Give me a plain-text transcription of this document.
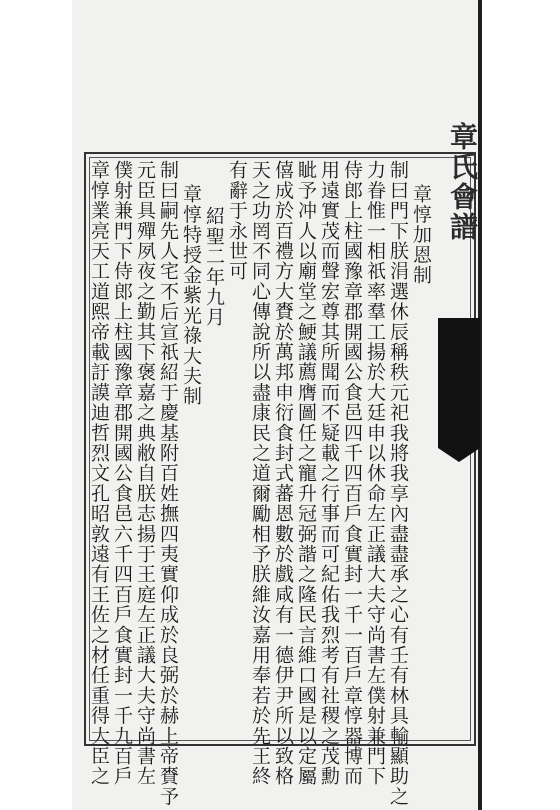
章氏會譜
章惇加恩制
制曰門下朕涓選休辰稱秩元祀我將我享內盡盡承之心有壬有林具輸顯助之
力眷惟一相祇率羣工揚於大廷申以休命左正議大夫守尚書左僕射兼門下
侍郎上柱國豫章郡開國公食邑四千四百戶食實封一千一百戶章惇器博而
用遠實茂而聲宏尊其所聞而不疑載之行事而可紀佑我烈考有社稷之茂勳
眦予冲人以廟堂之鯁議薦膺圖任之寵升冠弼諧之隆民言維口國是以定屬
僖成於百禮方大賚於萬邦申衍食封式蕃恩數於戲咸有一德伊尹所以致格
天之功罔不同心傳說所以盡康民之道爾勵相予朕維汝嘉用奉若於先王終
有辭于永世可
紹聖二年九月
章惇特授金紫光祿大夫制
制曰嗣先人宅不后宣祇紹于慶基附百姓撫四夷實仰成於良弼於赫上帝賚予
元臣具殫夙夜之勤其下褒嘉之典敝自朕志揚于王庭左正議大夫守尚書左
僕射兼門下侍郎上柱國豫章郡開國公食邑六千四百戶食實封一千九百戶
章惇業亮天工道熙帝載訏謨迪哲烈文孔昭敦遠有王佐之材任重得大臣之
